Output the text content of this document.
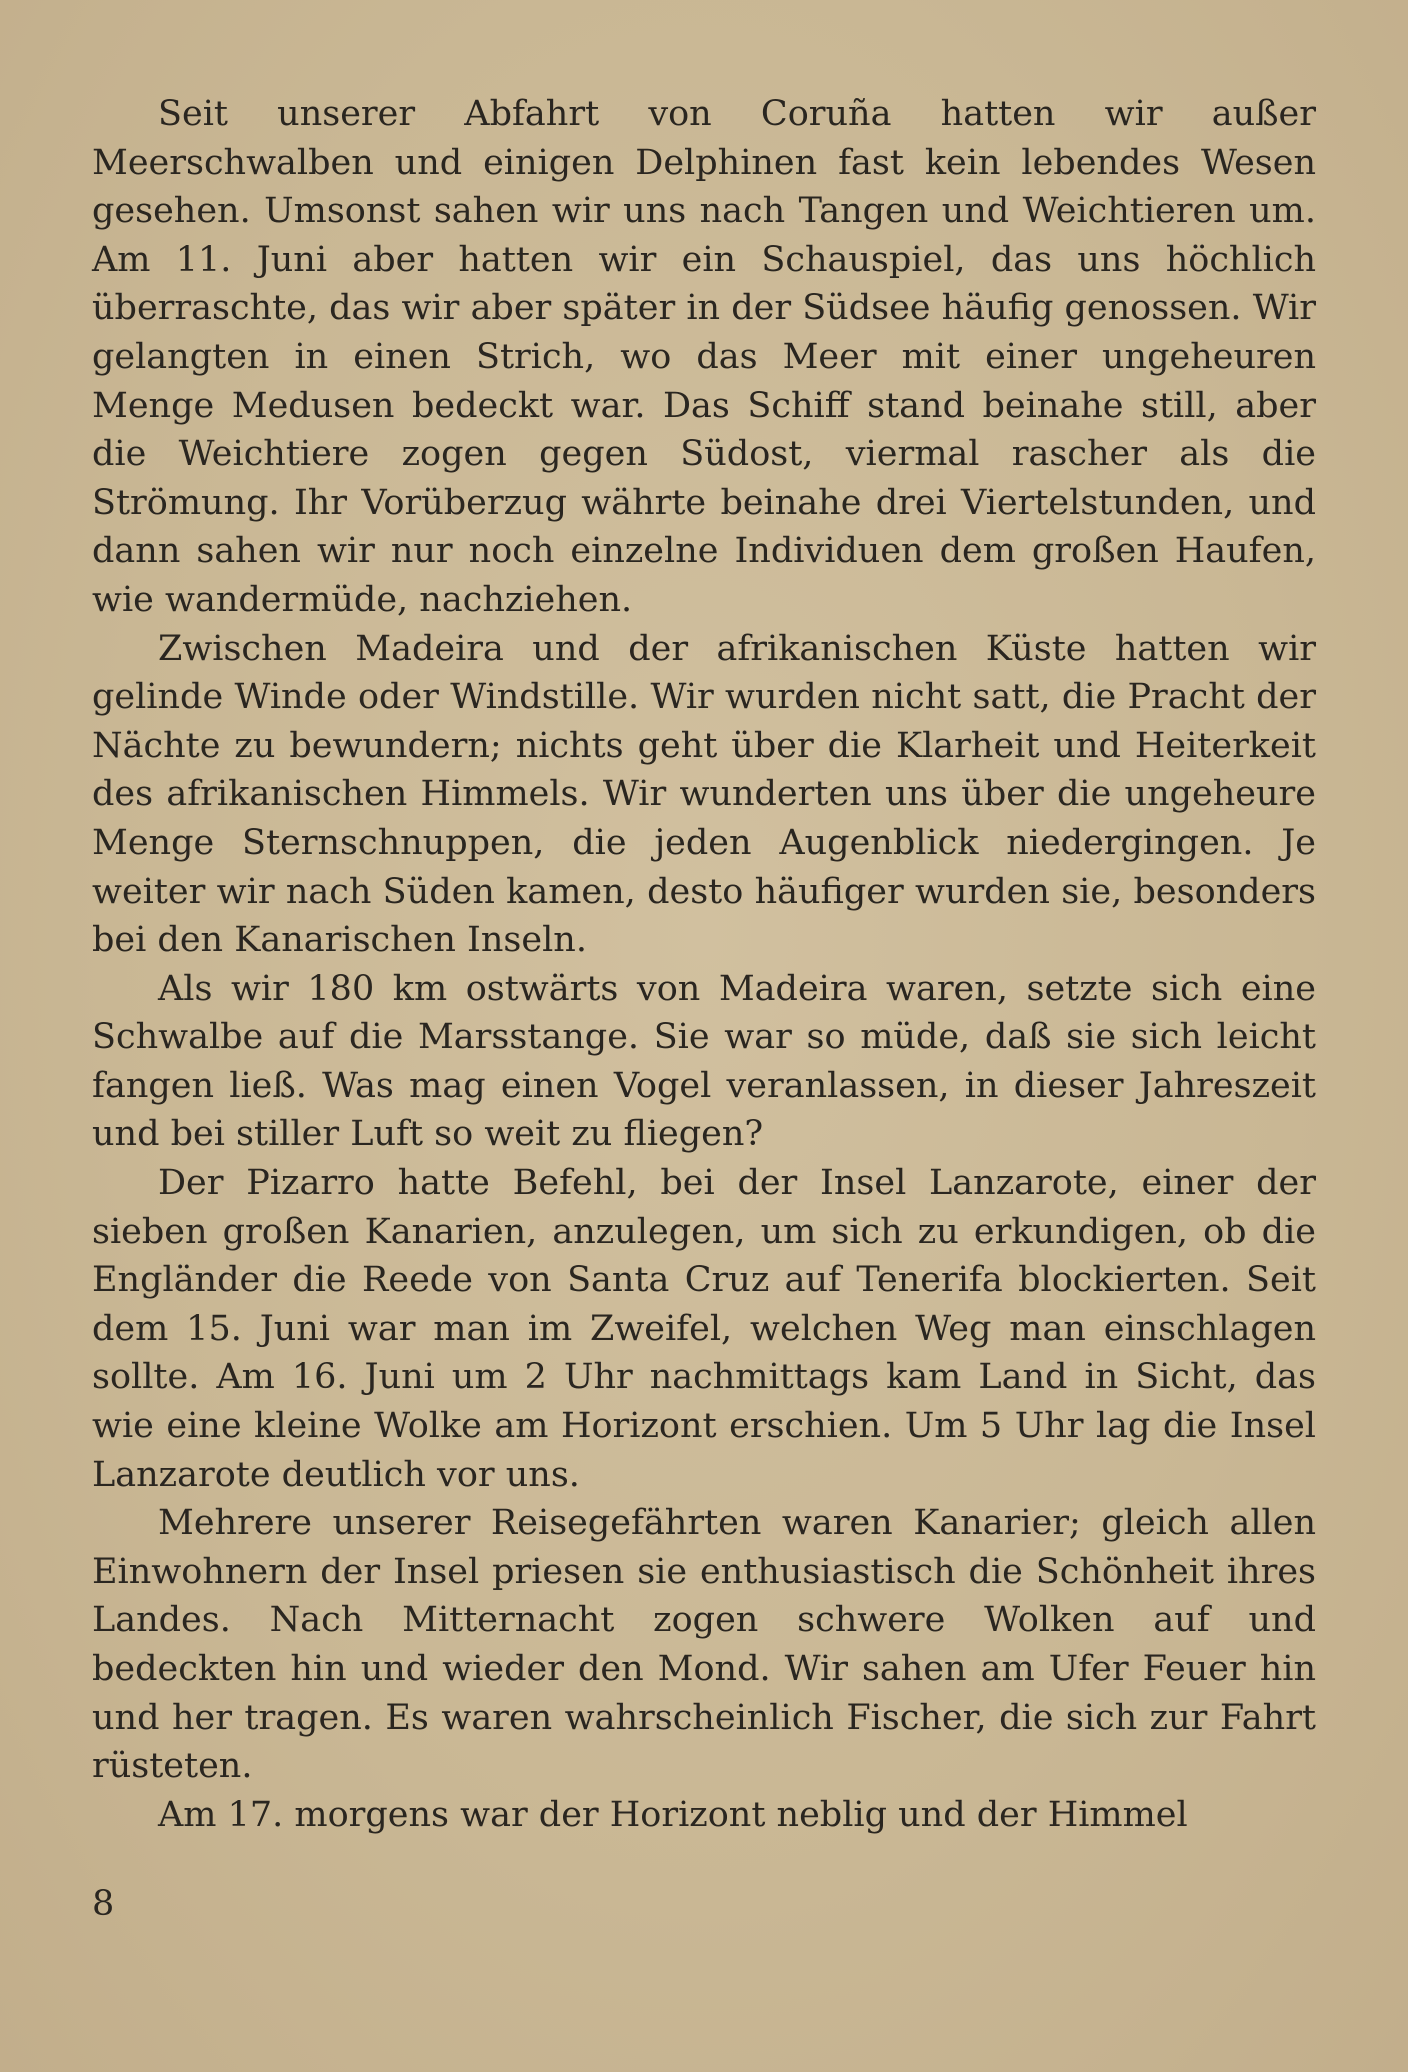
Seit unserer Abfahrt von Coruña hatten wir außer Meerschwalben und einigen Delphinen fast kein lebendes Wesen gesehen. Umsonst sahen wir uns nach Tangen und Weichtieren um. Am 11. Juni aber hatten wir ein Schauspiel, das uns höchlich überraschte, das wir aber später in der Südsee häufig genossen. Wir gelangten in einen Strich, wo das Meer mit einer ungeheuren Menge Medusen bedeckt war. Das Schiff stand beinahe still, aber die Weichtiere zogen gegen Südost, viermal rascher als die Strömung. Ihr Vorüberzug währte beinahe drei Viertelstunden, und dann sahen wir nur noch einzelne Individuen dem großen Haufen, wie wandermüde, nachziehen.

Zwischen Madeira und der afrikanischen Küste hatten wir gelinde Winde oder Windstille. Wir wurden nicht satt, die Pracht der Nächte zu bewundern; nichts geht über die Klarheit und Heiterkeit des afrikanischen Himmels. Wir wunderten uns über die ungeheure Menge Sternschnuppen, die jeden Augenblick niedergingen. Je weiter wir nach Süden kamen, desto häufiger wurden sie, besonders bei den Kanarischen Inseln.

Als wir 180 km ostwärts von Madeira waren, setzte sich eine Schwalbe auf die Marsstange. Sie war so müde, daß sie sich leicht fangen ließ. Was mag einen Vogel veranlassen, in dieser Jahreszeit und bei stiller Luft so weit zu fliegen?

Der Pizarro hatte Befehl, bei der Insel Lanzarote, einer der sieben großen Kanarien, anzulegen, um sich zu erkundigen, ob die Engländer die Reede von Santa Cruz auf Tenerifa blockierten. Seit dem 15. Juni war man im Zweifel, welchen Weg man einschlagen sollte. Am 16. Juni um 2 Uhr nachmittags kam Land in Sicht, das wie eine kleine Wolke am Horizont erschien. Um 5 Uhr lag die Insel Lanzarote deutlich vor uns.

Mehrere unserer Reisegefährten waren Kanarier; gleich allen Einwohnern der Insel priesen sie enthusiastisch die Schönheit ihres Landes. Nach Mitternacht zogen schwere Wolken auf und bedeckten hin und wieder den Mond. Wir sahen am Ufer Feuer hin und her tragen. Es waren wahrscheinlich Fischer, die sich zur Fahrt rüsteten.

Am 17. morgens war der Horizont neblig und der Himmel

8
